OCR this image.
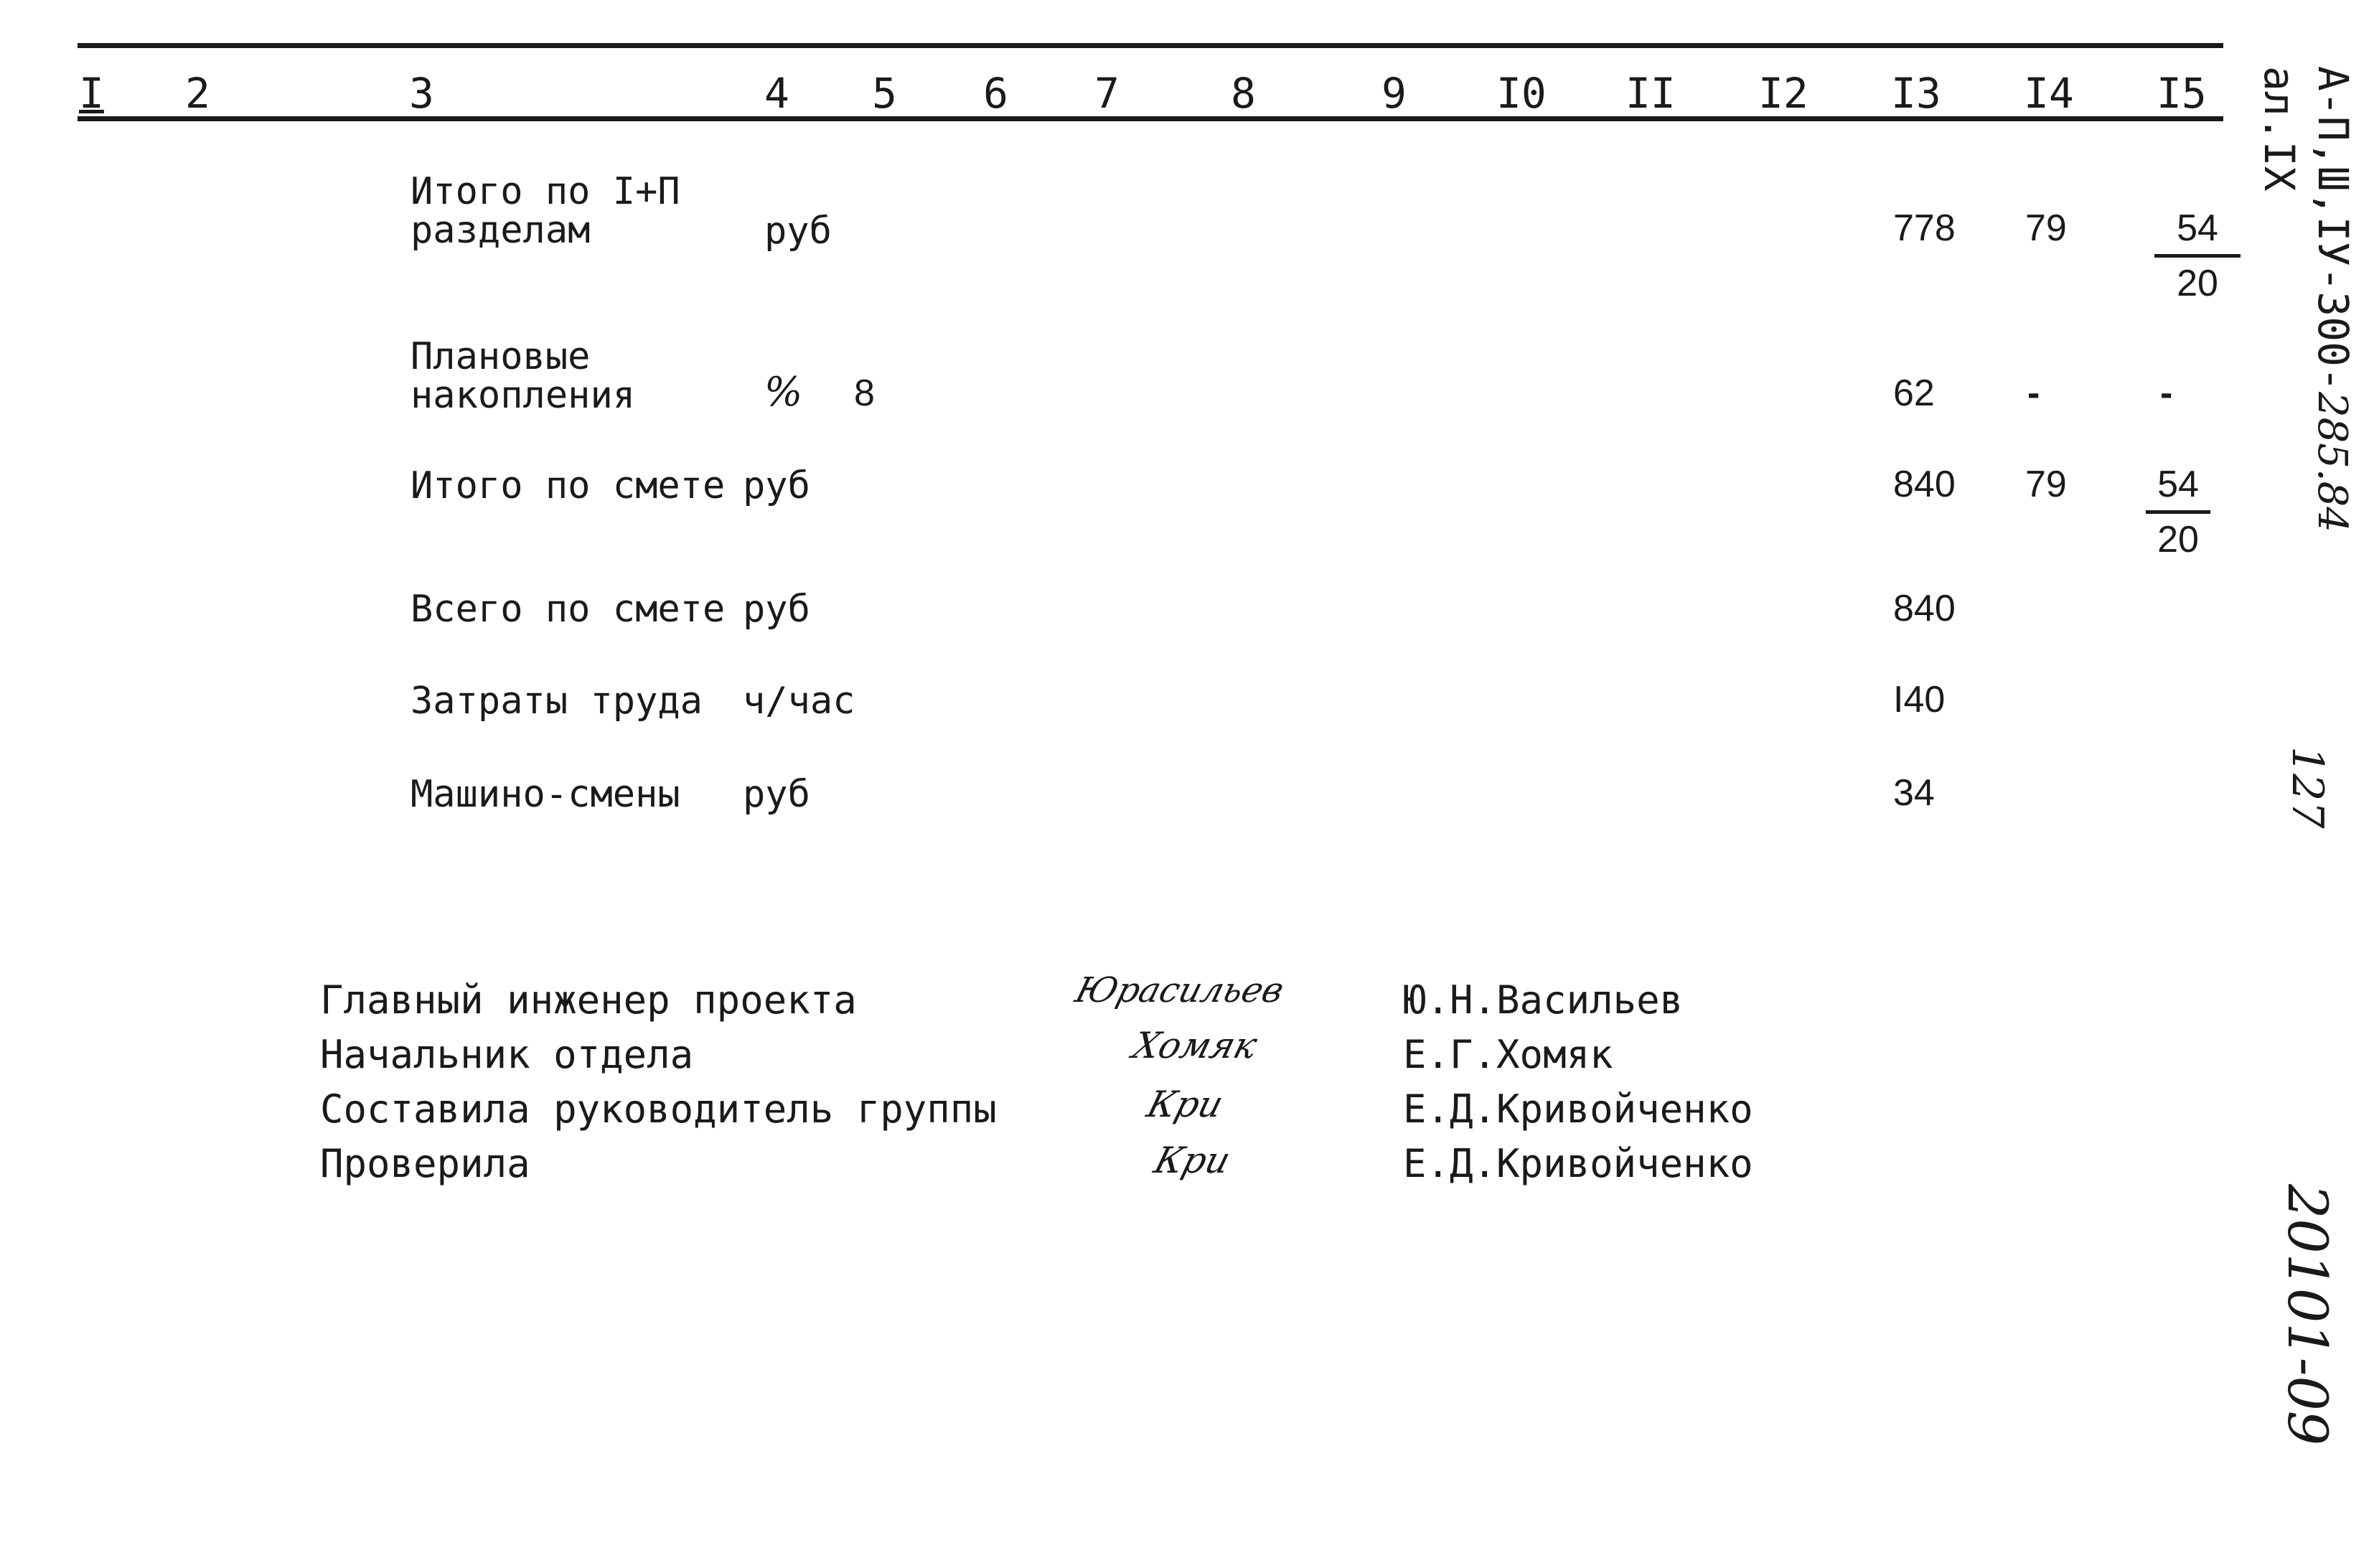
I 2	3	4 5 6 7	8	9 I0 II I2 I3 I4 I5
Итого по I+П
разделам	руб	778 $79 \frac{54}{20}$
Плановые
накопления	% 8	62 -	-
Итого по смете руб	840 $79 \frac{54}{20}$
Всего по смете руб	840
Затраты труда ч/час	I40
Машино-смены руб	34
Главный инженер проекта	Юрасильев	Ю.Н.Васильев
Начальник отдела	Хомяк	Е.Г.Хомяк
Составила руководитель группы	Кри	Е.Д.Кривойченко
Проверила	Кри	Е.Д.Кривойченко
А-П,Ш,IУ-300-285.84
ал.IX
127
20101-09
